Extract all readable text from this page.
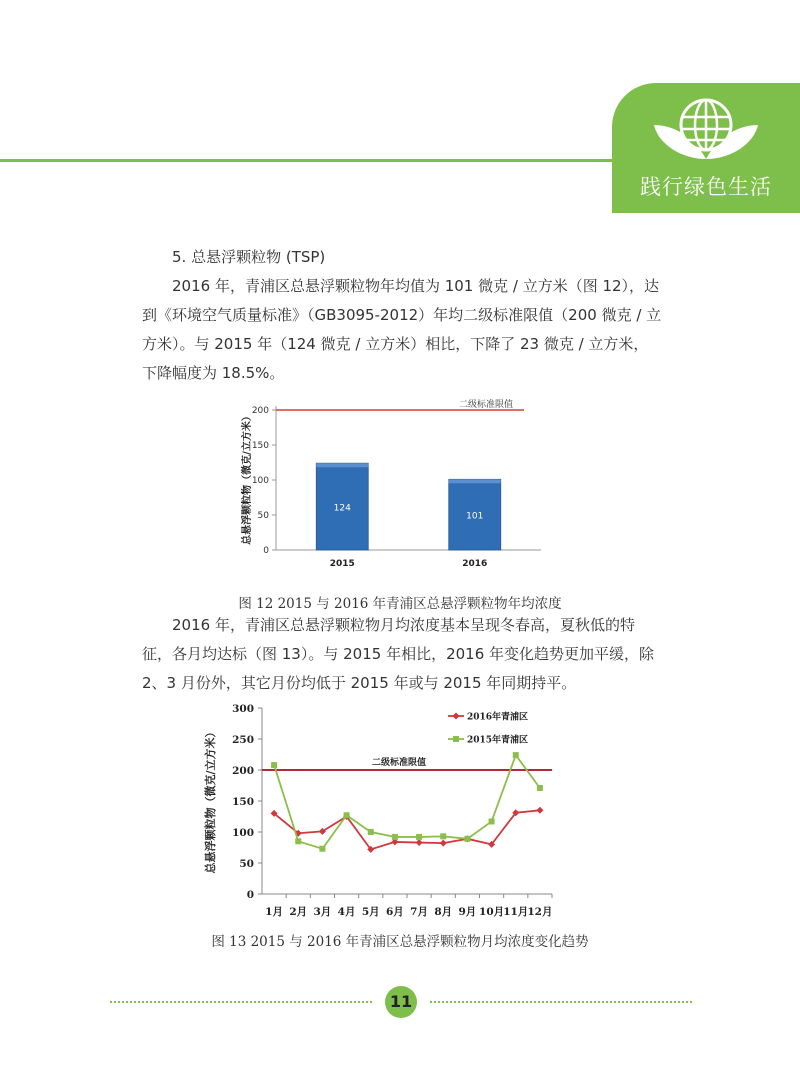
践行绿色生活

5. 总悬浮颗粒物 (TSP)

2016 年，青浦区总悬浮颗粒物年均值为 101 微克 / 立方米（图 12），达到《环境空气质量标准》（GB3095-2012）年均二级标准限值（200 微克 / 立方米）。与 2015 年（124 微克 / 立方米）相比，下降了 23 微克 / 立方米，下降幅度为 18.5%。

总悬浮颗粒物（微克/立方米）
0
50
100
150
200
二级标准限值
124
2015
101
2016
图 12 2015 与 2016 年青浦区总悬浮颗粒物年均浓度

2016 年，青浦区总悬浮颗粒物月均浓度基本呈现冬春高，夏秋低的特征，各月均达标（图 13）。与 2015 年相比，2016 年变化趋势更加平缓，除 2、3 月份外，其它月份均低于 2015 年或与 2015 年同期持平。

总悬浮颗粒物（微克/立方米）
0
50
100
150
200
250
300
1月 2月 3月 4月 5月 6月 7月 8月 9月 10月 11月 12月
二级标准限值
2016年青浦区
2015年青浦区
图 13 2015 与 2016 年青浦区总悬浮颗粒物月均浓度变化趋势
11
